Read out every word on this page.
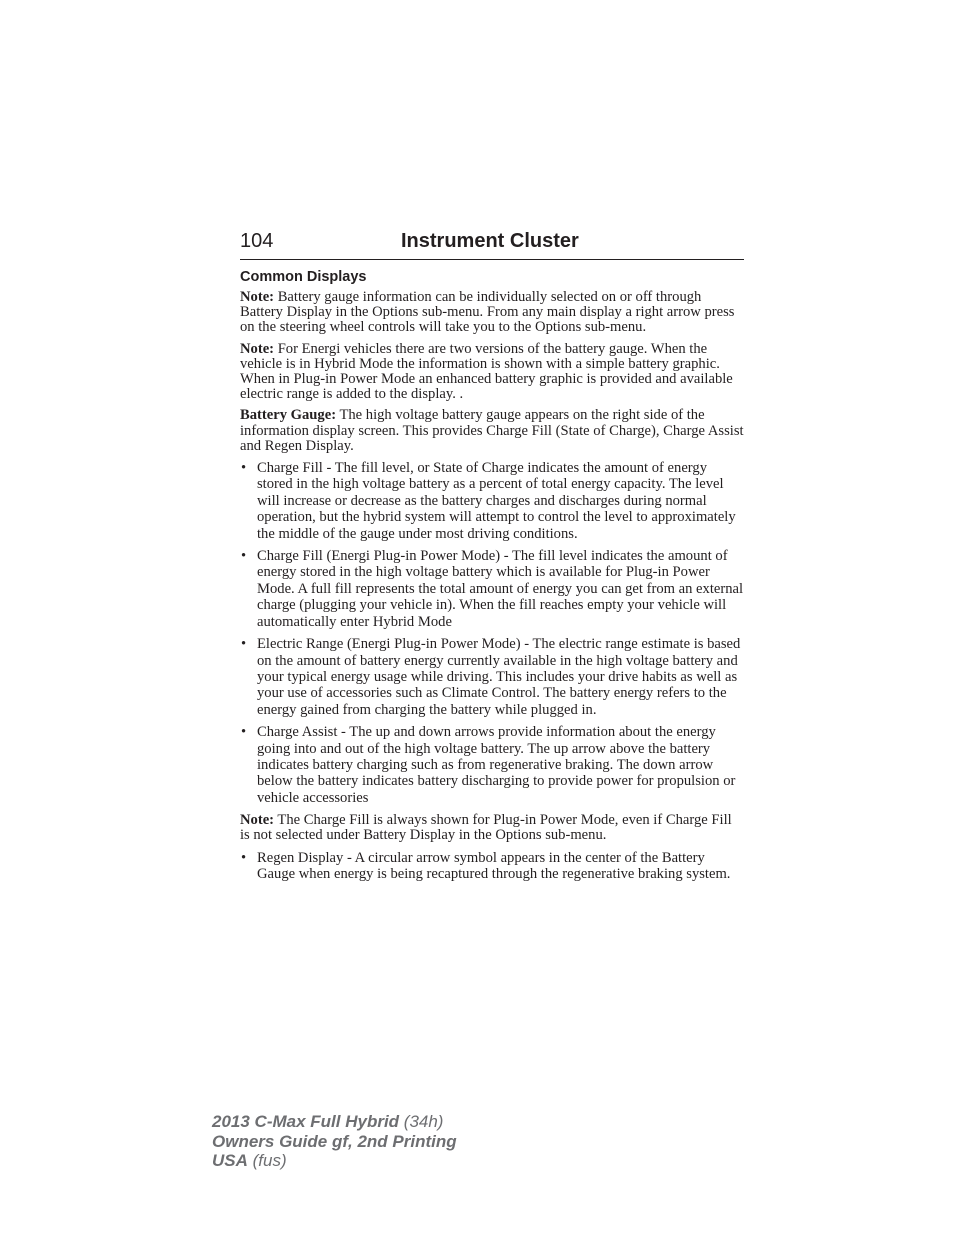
104	Instrument Cluster
Common Displays

Note: Battery gauge information can be individually selected on or off through Battery Display in the Options sub-menu. From any main display a right arrow press on the steering wheel controls will take you to the Options sub-menu.

Note: For Energi vehicles there are two versions of the battery gauge. When the vehicle is in Hybrid Mode the information is shown with a simple battery graphic. When in Plug-in Power Mode an enhanced battery graphic is provided and available electric range is added to the display. .

Battery Gauge: The high voltage battery gauge appears on the right side of the information display screen. This provides Charge Fill (State of Charge), Charge Assist and Regen Display.

• Charge Fill - The fill level, or State of Charge indicates the amount of energy stored in the high voltage battery as a percent of total energy capacity. The level will increase or decrease as the battery charges and discharges during normal operation, but the hybrid system will attempt to control the level to approximately the middle of the gauge under most driving conditions.
• Charge Fill (Energi Plug-in Power Mode) - The fill level indicates the amount of energy stored in the high voltage battery which is available for Plug-in Power Mode. A full fill represents the total amount of energy you can get from an external charge (plugging your vehicle in). When the fill reaches empty your vehicle will automatically enter Hybrid Mode
• Electric Range (Energi Plug-in Power Mode) - The electric range estimate is based on the amount of battery energy currently available in the high voltage battery and your typical energy usage while driving. This includes your drive habits as well as your use of accessories such as Climate Control. The battery energy refers to the energy gained from charging the battery while plugged in.
• Charge Assist - The up and down arrows provide information about the energy going into and out of the high voltage battery. The up arrow above the battery indicates battery charging such as from regenerative braking. The down arrow below the battery indicates battery discharging to provide power for propulsion or vehicle accessories

Note: The Charge Fill is always shown for Plug-in Power Mode, even if Charge Fill is not selected under Battery Display in the Options sub-menu.

• Regen Display - A circular arrow symbol appears in the center of the Battery Gauge when energy is being recaptured through the regenerative braking system.
2013 C-Max Full Hybrid (34h)
Owners Guide gf, 2nd Printing
USA (fus)
